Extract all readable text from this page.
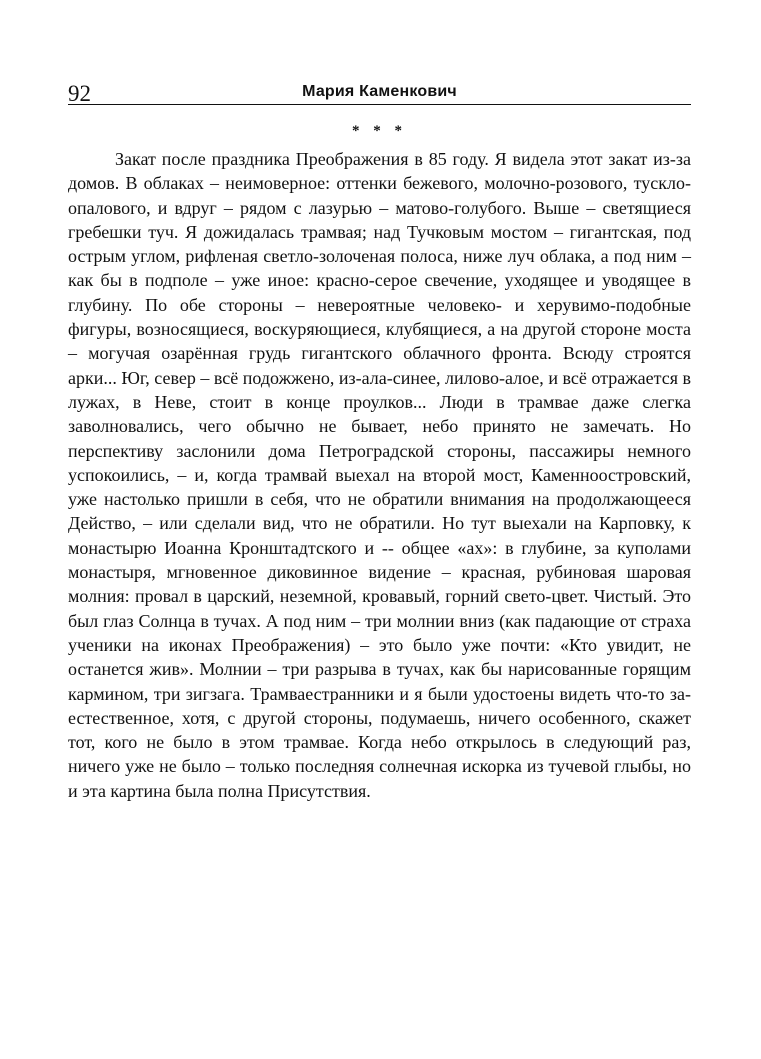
92	Мария Каменкович
* * *

Закат после праздника Преображения в 85 году. Я видела этот закат из-за домов. В облаках – неимоверное: оттенки бежевого, молочно-розового, тускло-опалового, и вдруг – рядом с лазурью – матово-голубого. Выше – светящиеся гребешки туч. Я дожидалась трамвая; над Тучковым мостом – гигантская, под острым углом, рифленая светло-золоченая полоса, ниже луч облака, а под ним – как бы в подполе – уже иное: красно-серое свечение, уходящее и уводящее в глубину. По обе стороны – невероятные человеко- и херувимо-подобные фигуры, возносящиеся, воскуряющиеся, клубящиеся, а на другой стороне моста – могучая озарённая грудь гигантского облачного фронта. Всюду строятся арки... Юг, север – всё подожжено, из-ала-синее, лилово-алое, и всё отражается в лужах, в Неве, стоит в конце проулков... Люди в трамвае даже слегка заволновались, чего обычно не бывает, небо принято не замечать. Но перспективу заслонили дома Петроградской стороны, пассажиры немного успокоились, – и, когда трамвай выехал на второй мост, Каменноостровский, уже настолько пришли в себя, что не обратили внимания на продолжающееся Действо, – или сделали вид, что не обратили. Но тут выехали на Карповку, к монастырю Иоанна Кронштадтского и -- общее «ах»: в глубине, за куполами монастыря, мгновенное диковинное видение – красная, рубиновая шаровая молния: провал в царский, неземной, кровавый, горний свето-цвет. Чистый. Это был глаз Солнца в тучах. А под ним – три молнии вниз (как падающие от страха ученики на иконах Преображения) – это было уже почти: «Кто увидит, не останется жив». Молнии – три разрыва в тучах, как бы нарисованные горящим кармином, три зигзага. Трамваестранники и я были удостоены видеть что-то за-естественное, хотя, с другой стороны, подумаешь, ничего особенного, скажет тот, кого не было в этом трамвае. Когда небо открылось в следующий раз, ничего уже не было – только последняя солнечная искорка из тучевой глыбы, но и эта картина была полна Присутствия.
